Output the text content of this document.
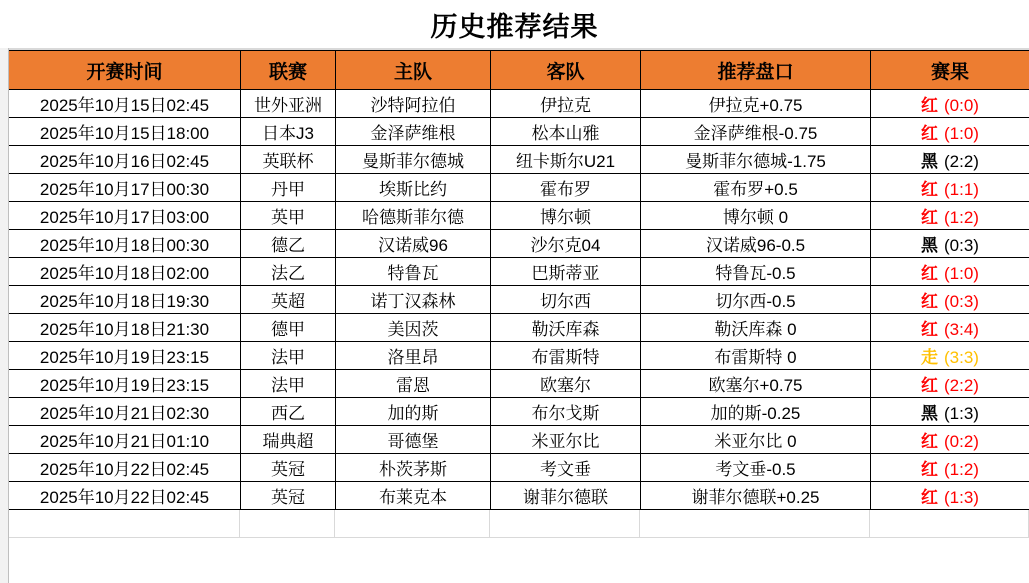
历史推荐结果
开赛时间	联赛	主队	客队	推荐盘口	赛果
2025年10月15日02:45	世外亚洲	沙特阿拉伯	伊拉克	伊拉克+0.75	红 (0:0)
2025年10月15日18:00	日本J3	金泽萨维根	松本山雅	金泽萨维根-0.75	红 (1:0)
2025年10月16日02:45	英联杯	曼斯菲尔德城	纽卡斯尔U21	曼斯菲尔德城-1.75	黑 (2:2)
2025年10月17日00:30	丹甲	埃斯比约	霍布罗	霍布罗+0.5	红 (1:1)
2025年10月17日03:00	英甲	哈德斯菲尔德	博尔顿	博尔顿 0	红 (1:2)
2025年10月18日00:30	德乙	汉诺威96	沙尔克04	汉诺威96-0.5	黑 (0:3)
2025年10月18日02:00	法乙	特鲁瓦	巴斯蒂亚	特鲁瓦-0.5	红 (1:0)
2025年10月18日19:30	英超	诺丁汉森林	切尔西	切尔西-0.5	红 (0:3)
2025年10月18日21:30	德甲	美因茨	勒沃库森	勒沃库森 0	红 (3:4)
2025年10月19日23:15	法甲	洛里昂	布雷斯特	布雷斯特 0	走 (3:3)
2025年10月19日23:15	法甲	雷恩	欧塞尔	欧塞尔+0.75	红 (2:2)
2025年10月21日02:30	西乙	加的斯	布尔戈斯	加的斯-0.25	黑 (1:3)
2025年10月21日01:10	瑞典超	哥德堡	米亚尔比	米亚尔比 0	红 (0:2)
2025年10月22日02:45	英冠	朴茨茅斯	考文垂	考文垂-0.5	红 (1:2)
2025年10月22日02:45	英冠	布莱克本	谢菲尔德联	谢菲尔德联+0.25	红 (1:3)
